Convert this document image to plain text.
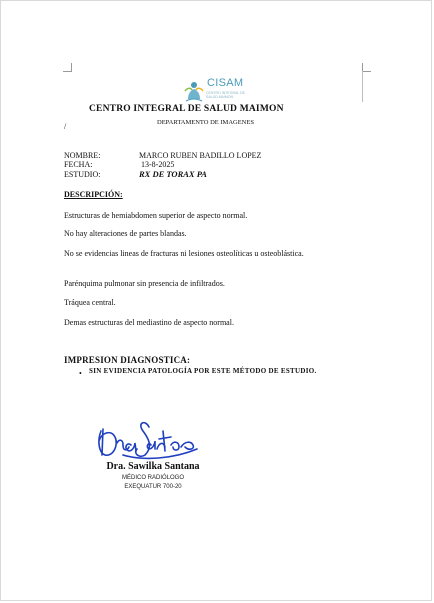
CISAM
CENTRO INTEGRAL DE SALUD MAIMON
CENTRO INTEGRAL DE SALUD MAIMON
DEPARTAMENTO DE IMAGENES
/
NOMBRE:	MARCO RUBEN BADILLO LOPEZ
FECHA:	13-8-2025
ESTUDIO:	RX DE TORAX PA
DESCRIPCIÓN:
Estructuras de hemiabdomen superior de aspecto normal.
No hay alteraciones de partes blandas.
No se evidencias lineas de fracturas ni lesiones osteolíticas u osteoblástica.
Parénquima pulmonar sin presencia de infiltrados.
Tráquea central.
Demas estructuras del mediastino de aspecto normal.
IMPRESION DIAGNOSTICA:
• SIN EVIDENCIA PATOLOGÍA POR ESTE MÉTODO DE ESTUDIO.
Dra. Sawilka Santana
MÉDICO RADIÓLOGO
EXEQUATUR 700-20
